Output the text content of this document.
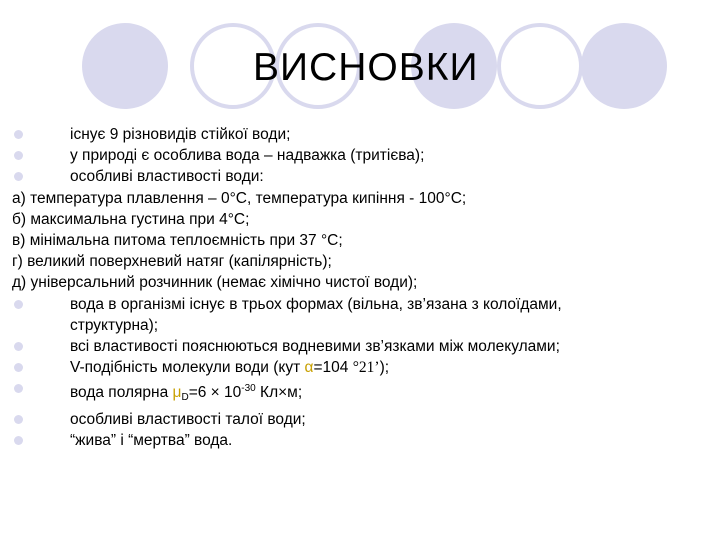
ВИСНОВКИ
існує 9 різновидів стійкої води;
у природі є особлива вода – надважка (тритієва);
особливі властивості води:
а) температура плавлення – 0°С, температура кипіння - 100°С;
б) максимальна густина при 4°С;
в) мінімальна питома теплоємність при 37 °С;
г) великий поверхневий натяг (капілярність);
д) універсальний розчинник (немає хімічно чистої води);
вода в організмі існує в трьох формах (вільна, зв’язана з колоїдами,
структурна);
всі властивості пояснюються водневими зв’язками між молекулами;
V-подібність молекули води (кут α=104 °21’);
вода полярна $\mu_D=6 \times 10^{-30}$ Кл×м;
особливі властивості талої води;
“жива” і “мертва” вода.
